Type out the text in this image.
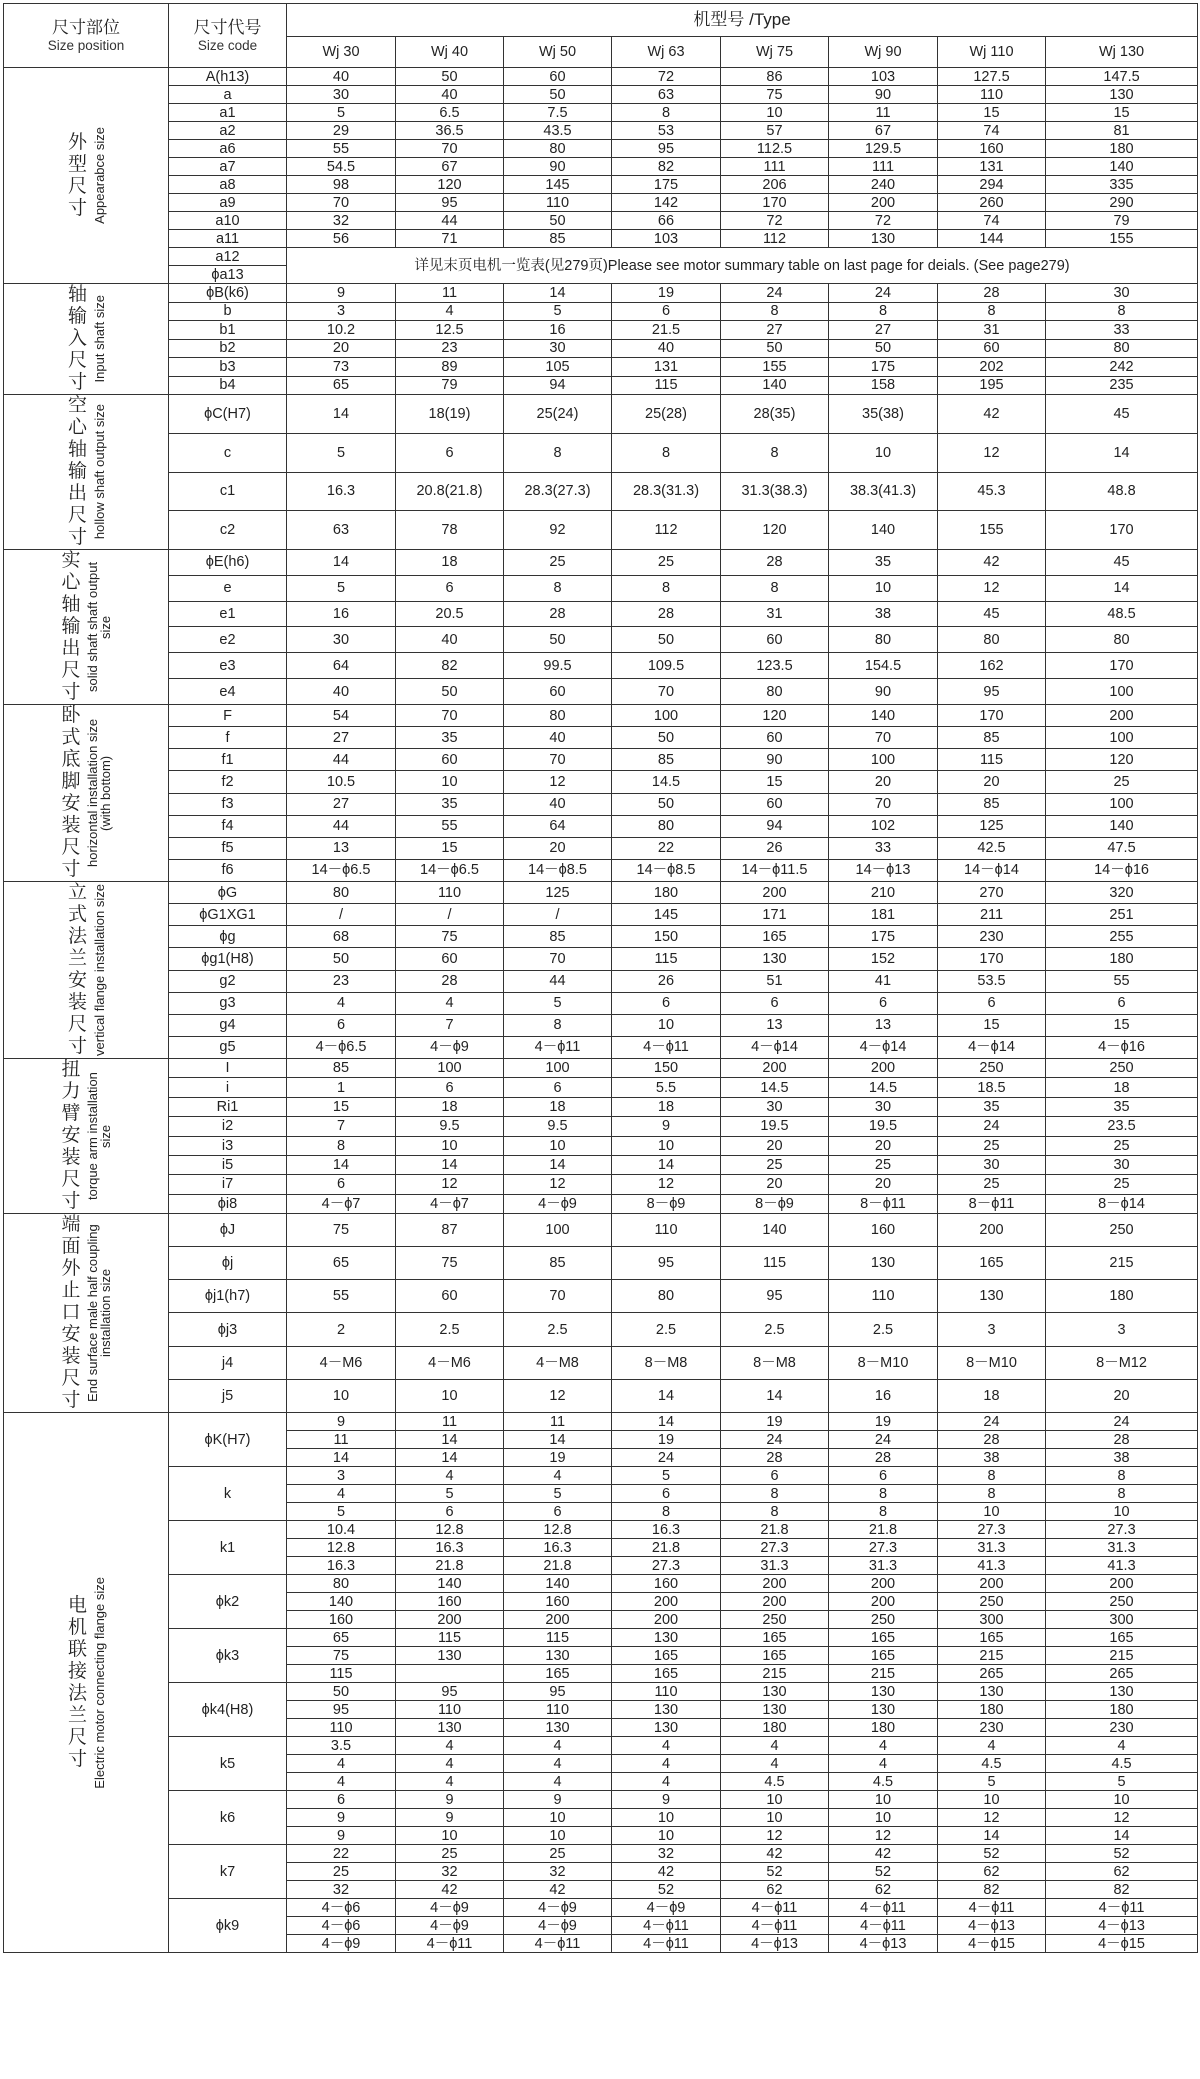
尺寸部位
Size position	尺寸代号
Size code	机型号 /Type							
		Wj 30	Wj 40	Wj 50	Wj 63	Wj 75	Wj 90	Wj 110	Wj 130

外型尺寸 Appearabce size	A(h13)	40	50	60	72	86	103	127.5	147.5
	a	30	40	50	63	75	90	110	130
	a1	5	6.5	7.5	8	10	11	15	15
	a2	29	36.5	43.5	53	57	67	74	81
	a6	55	70	80	95	112.5	129.5	160	180
	a7	54.5	67	90	82	111	111	131	140
	a8	98	120	145	175	206	240	294	335
	a9	70	95	110	142	170	200	260	290
	a10	32	44	50	66	72	72	74	79
	a11	56	71	85	103	112	130	144	155
	a12	详见末页电机一览表(见279页)Please see motor summary table on last page for deials. (See page279)							
	ϕa13								

轴输入尺寸 Input shaft size	ϕB(k6)	9	11	14	19	24	24	28	30
	b	3	4	5	6	8	8	8	8
	b1	10.2	12.5	16	21.5	27	27	31	33
	b2	20	23	30	40	50	50	60	80
	b3	73	89	105	131	155	175	202	242
	b4	65	79	94	115	140	158	195	235

空心轴输出尺寸 hollow shaft output size	ϕC(H7)	14	18(19)	25(24)	25(28)	28(35)	35(38)	42	45
	c	5	6	8	8	8	10	12	14
	c1	16.3	20.8(21.8)	28.3(27.3)	28.3(31.3)	31.3(38.3)	38.3(41.3)	45.3	48.8
	c2	63	78	92	112	120	140	155	170

实心轴输出尺寸
solid shaft shaft output size	ϕE(h6)	14	18	25	25	28	35	42	45
	e	5	6	8	8	8	10	12	14
	e1	16	20.5	28	28	31	38	45	48.5
	e2	30	40	50	50	60	80	80	80
	e3	64	82	99.5	109.5	123.5	154.5	162	170
	e4	40	50	60	70	80	90	95	100

卧式底脚安装尺寸
horizontal installation size (with bottom)	F	54	70	80	100	120	140	170	200
	f	27	35	40	50	60	70	85	100
	f1	44	60	70	85	90	100	115	120
	f2	10.5	10	12	14.5	15	20	20	25
	f3	27	35	40	50	60	70	85	100
	f4	44	55	64	80	94	102	125	140
	f5	13	15	20	22	26	33	42.5	47.5
	f6	14－ϕ6.5	14－ϕ6.5	14－ϕ8.5	14－ϕ8.5	14－ϕ11.5	14－ϕ13	14－ϕ14	14－ϕ16

立式法兰安装尺寸 vertical flange installation size	ϕG	80	110	125	180	200	210	270	320
	ϕG1XG1	/	/	/	145	171	181	211	251
	ϕg	68	75	85	150	165	175	230	255
	ϕg1(H8)	50	60	70	115	130	152	170	180
	g2	23	28	44	26	51	41	53.5	55
	g3	4	4	5	6	6	6	6	6
	g4	6	7	8	10	13	13	15	15
	g5	4－ϕ6.5	4－ϕ9	4－ϕ11	4－ϕ11	4－ϕ14	4－ϕ14	4－ϕ14	4－ϕ16

扭力臂安装尺寸
torque arm installation size	I	85	100	100	150	200	200	250	250
	i	1	6	6	5.5	14.5	14.5	18.5	18
	Ri1	15	18	18	18	30	30	35	35
	i2	7	9.5	9.5	9	19.5	19.5	24	23.5
	i3	8	10	10	10	20	20	25	25
	i5	14	14	14	14	25	25	30	30
	i7	6	12	12	12	20	20	25	25
	ϕi8	4－ϕ7	4－ϕ7	4－ϕ9	8－ϕ9	8－ϕ9	8－ϕ11	8－ϕ11	8－ϕ14

端面外止口安装尺寸 End surface male half coupling installation size	ϕJ	75	87	100	110	140	160	200	250
	ϕj	65	75	85	95	115	130	165	215
	ϕj1(h7)	55	60	70	80	95	110	130	180
	ϕj3	2	2.5	2.5	2.5	2.5	2.5	3	3
	j4	4－M6	4－M6	4－M8	8－M8	8－M8	8－M10	8－M10	8－M12
	j5	10	10	12	14	14	16	18	20

电机联接法兰尺寸 Electric motor connecting flange size	ϕK(H7)	9	11	11	14	19	19	24	24
		11	14	14	19	24	24	28	28
		14	14	19	24	28	28	38	38
	k	3	4	4	5	6	6	8	8
		4	5	5	6	8	8	8	8
		5	6	6	8	8	8	10	10
	k1	10.4	12.8	12.8	16.3	21.8	21.8	27.3	27.3
		12.8	16.3	16.3	21.8	27.3	27.3	31.3	31.3
		16.3	21.8	21.8	27.3	31.3	31.3	41.3	41.3
	ϕk2	80	140	140	160	200	200	200	200
		140	160	160	200	200	200	250	250
		160	200	200	200	250	250	300	300
	ϕk3	65	115	115	130	165	165	165	165
		75	130	130	165	165	165	215	215
		115		165	165	215	215	265	265
	ϕk4(H8)	50	95	95	110	130	130	130	130
		95	110	110	130	130	130	180	180
		110	130	130	130	180	180	230	230
	k5	3.5	4	4	4	4	4	4	4
		4	4	4	4	4	4	4.5	4.5
		4	4	4	4	4.5	4.5	5	5
	k6	6	9	9	9	10	10	10	10
		9	9	10	10	10	10	12	12
		9	10	10	10	12	12	14	14
	k7	22	25	25	32	42	42	52	52
		25	32	32	42	52	52	62	62
		32	42	42	52	62	62	82	82
	ϕk9	4－ϕ6	4－ϕ9	4－ϕ9	4－ϕ9	4－ϕ11	4－ϕ11	4－ϕ11	4－ϕ11
		4－ϕ6	4－ϕ9	4－ϕ9	4－ϕ11	4－ϕ11	4－ϕ11	4－ϕ13	4－ϕ13
		4－ϕ9	4－ϕ11	4－ϕ11	4－ϕ11	4－ϕ13	4－ϕ13	4－ϕ15	4－ϕ15
